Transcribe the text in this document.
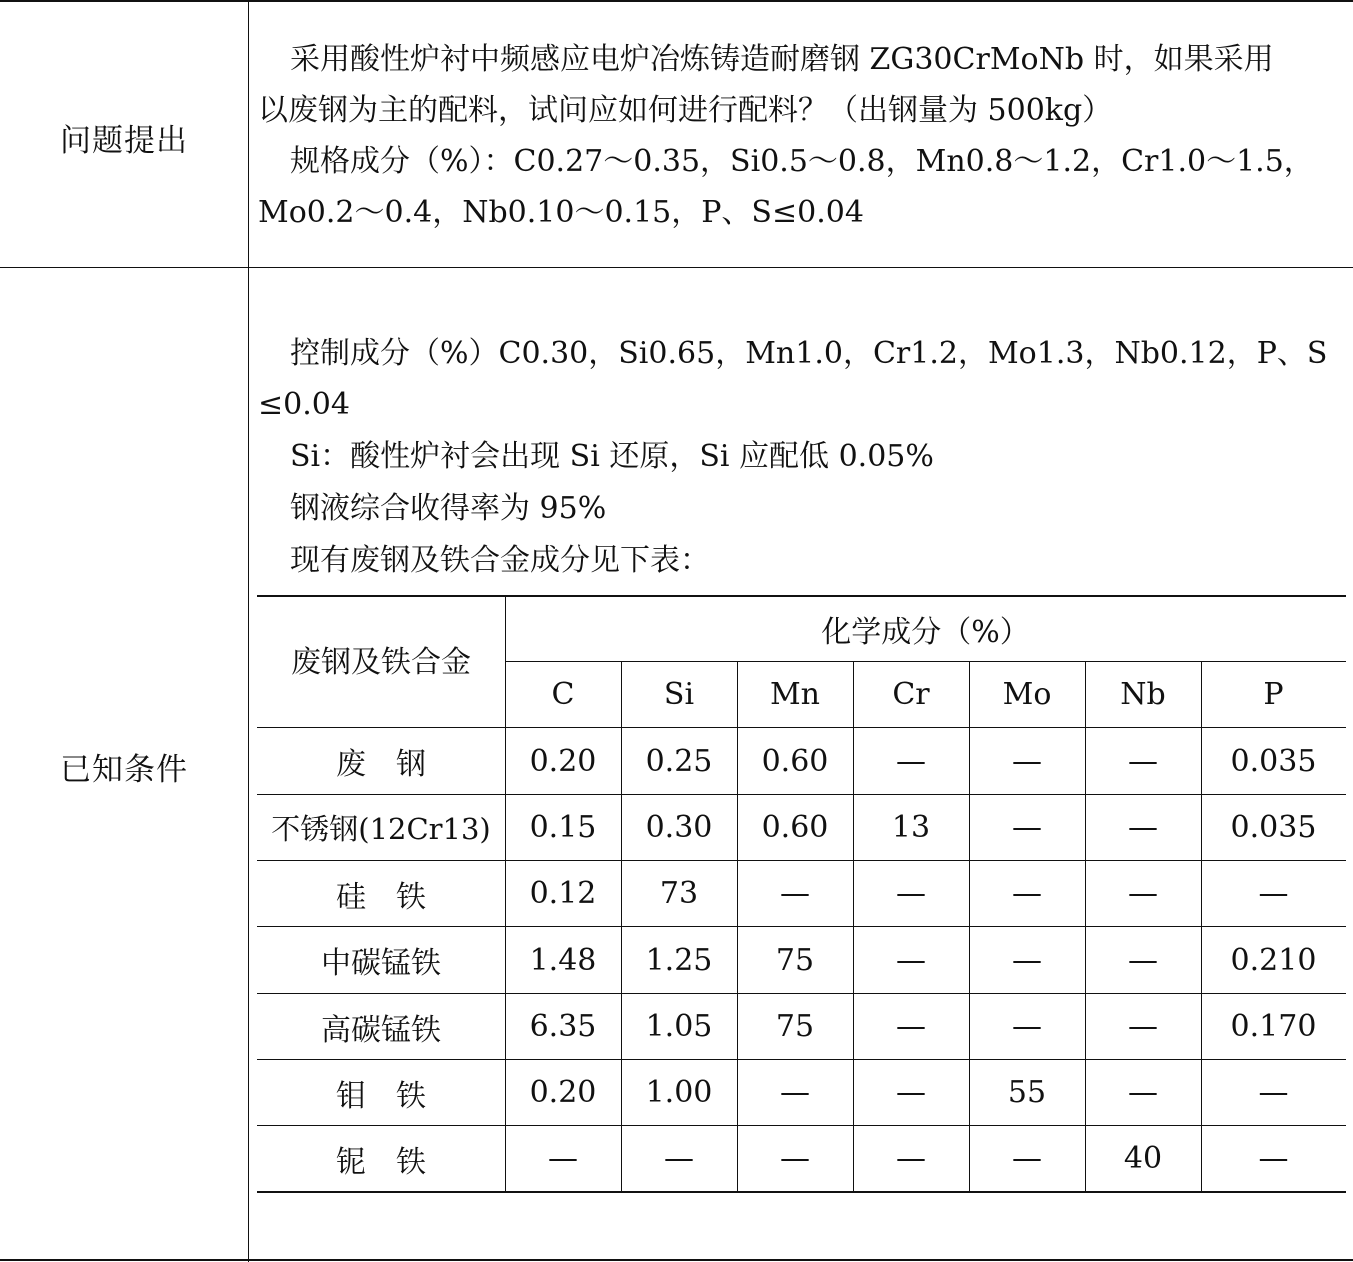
问题提出
采用酸性炉衬中频感应电炉冶炼铸造耐磨钢 ZG30CrMoNb 时，如果采用
以废钢为主的配料，试问应如何进行配料？（出钢量为 500kg）
规格成分（%）：C0.27～0.35，Si0.5～0.8，Mn0.8～1.2，Cr1.0～1.5，
Mo0.2～0.4，Nb0.10～0.15，P、S≤0.04
已知条件
控制成分（%）C0.30，Si0.65，Mn1.0，Cr1.2，Mo1.3，Nb0.12，P、S
≤0.04
Si：酸性炉衬会出现 Si 还原，Si 应配低 0.05%
钢液综合收得率为 95%
现有废钢及铁合金成分见下表：
废钢及铁合金
化学成分（%）
C	Si	Mn	Cr	Mo	Nb	P
废　钢	0.20	0.25	0.60	—	—	—	0.035
不锈钢(12Cr13)	0.15	0.30	0.60	13	—	—	0.035
硅　铁	0.12	73	—	—	—	—	—
中碳锰铁	1.48	1.25	75	—	—	—	0.210
高碳锰铁	6.35	1.05	75	—	—	—	0.170
钼　铁	0.20	1.00	—	—	55	—	—
铌　铁	—	—	—	—	—	40	—
